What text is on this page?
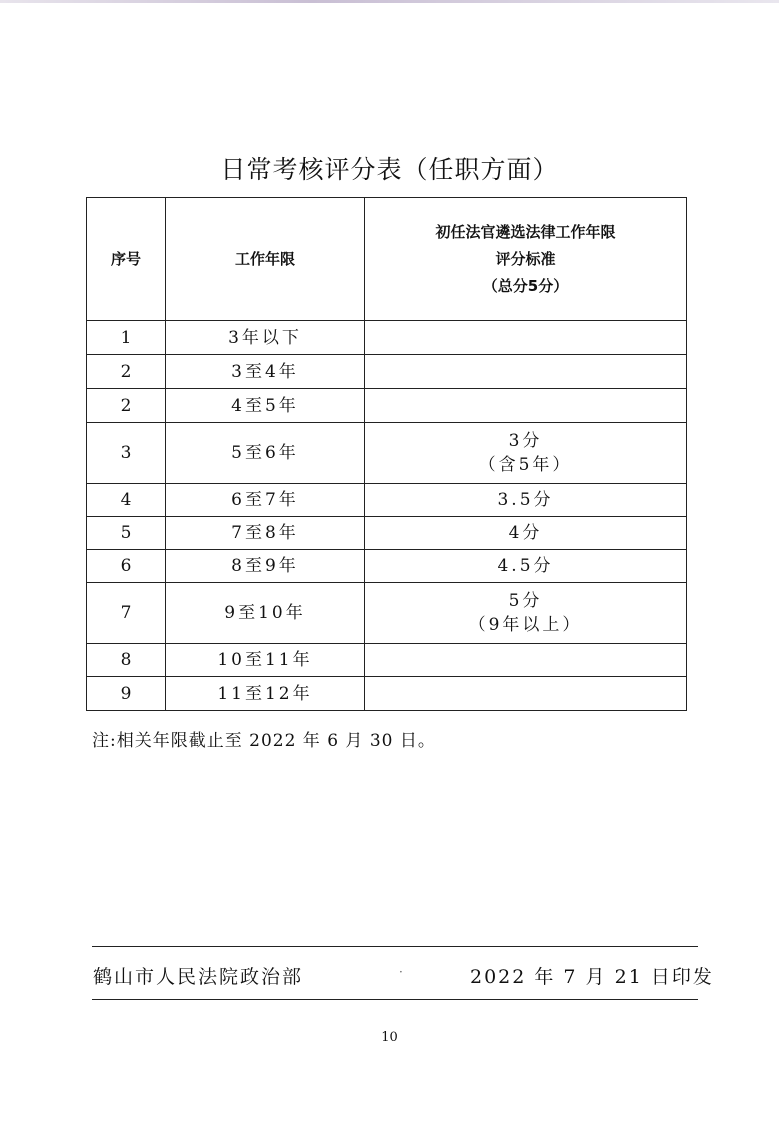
日常考核评分表（任职方面）
序号	工作年限	初任法官遴选法律工作年限
评分标准
（总分5分）

1	3年以下	
2	3至4年	
2	4至5年	
3	5至6年	3分
（含5年）

4	6至7年	3.5分

5	7至8年	4分

6	8至9年	4.5分

7	9至10年	5分
（9年以上）

8	10至11年	
9	11至12年	
注:相关年限截止至 2022 年 6 月 30 日。
鹤山市人民法院政治部	·	2022 年 7 月 21 日印发
10
